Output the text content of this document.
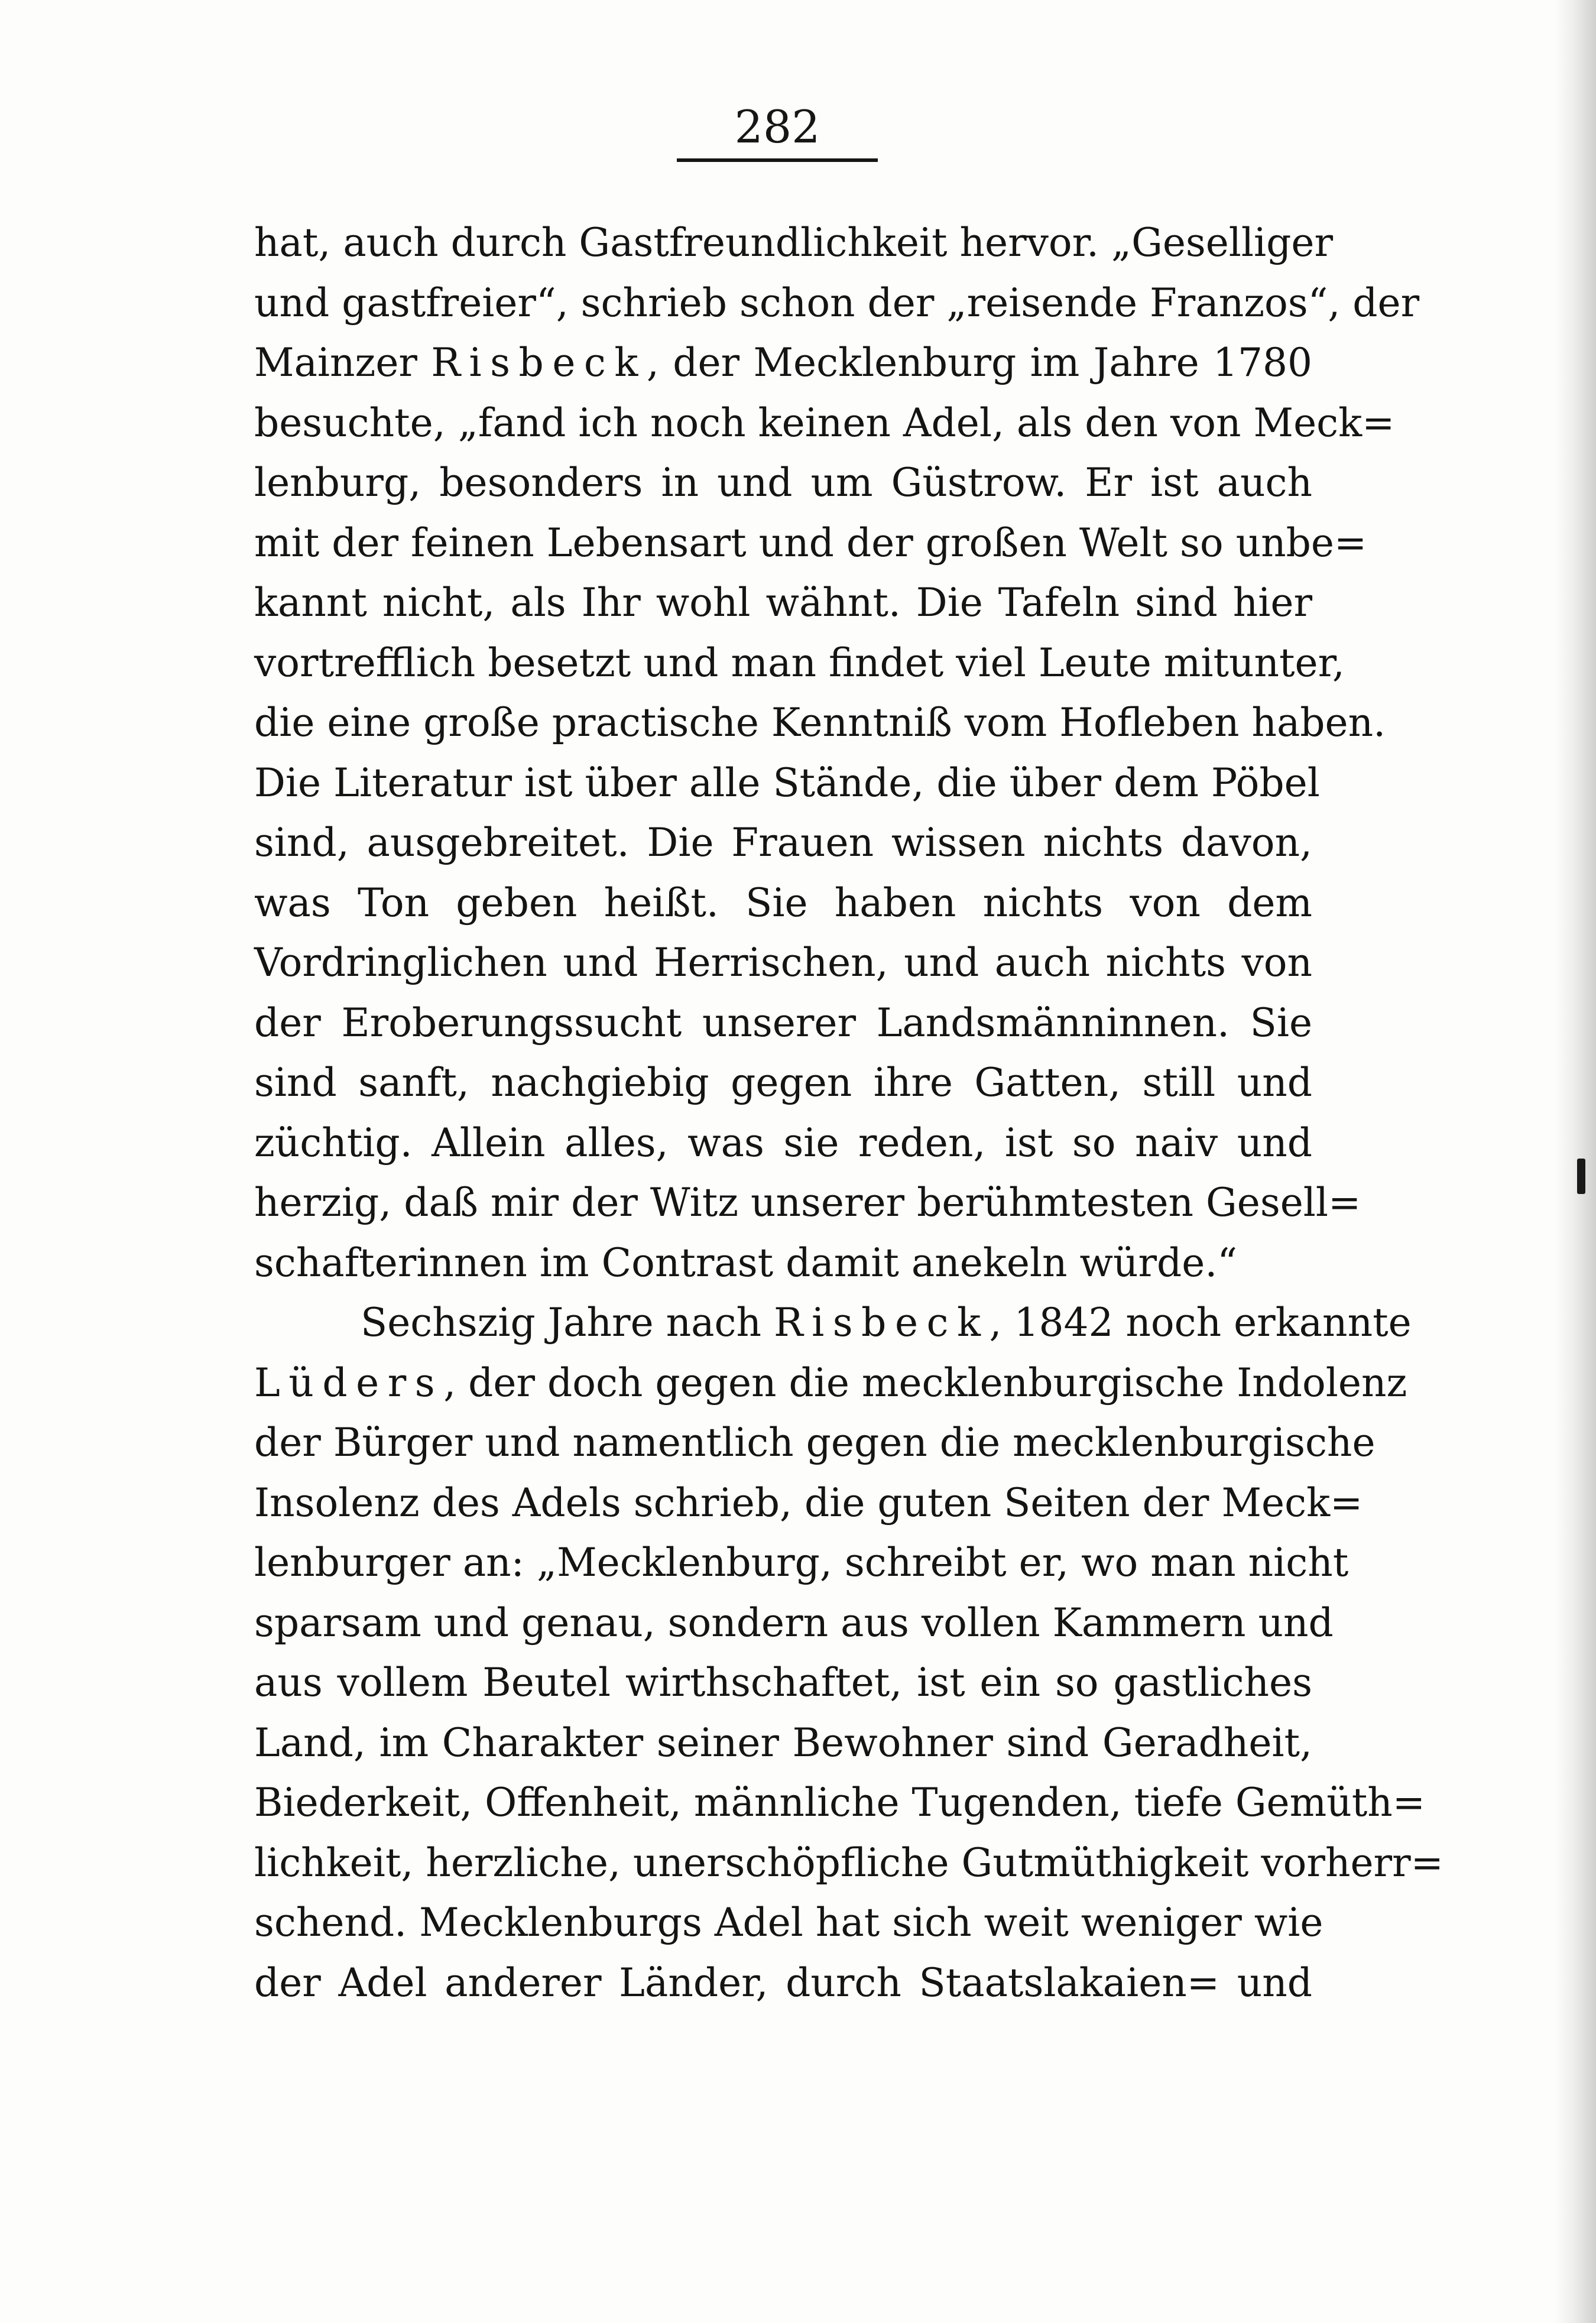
282
hat, auch durch Gastfreundlichkeit hervor. „Geselliger
und gastfreier“, schrieb schon der „reisende Franzos“, der
Mainzer Risbeck, der Mecklenburg im Jahre 1780
besuchte, „fand ich noch keinen Adel, als den von Meck=
lenburg, besonders in und um Güstrow. Er ist auch
mit der feinen Lebensart und der großen Welt so unbe=
kannt nicht, als Ihr wohl wähnt. Die Tafeln sind hier
vortrefflich besetzt und man findet viel Leute mitunter,
die eine große practische Kenntniß vom Hofleben haben.
Die Literatur ist über alle Stände, die über dem Pöbel
sind, ausgebreitet. Die Frauen wissen nichts davon,
was Ton geben heißt. Sie haben nichts von dem
Vordringlichen und Herrischen, und auch nichts von
der Eroberungssucht unserer Landsmänninnen. Sie
sind sanft, nachgiebig gegen ihre Gatten, still und
züchtig. Allein alles, was sie reden, ist so naiv und
herzig, daß mir der Witz unserer berühmtesten Gesell=
schafterinnen im Contrast damit anekeln würde.“
Sechszig Jahre nach Risbeck, 1842 noch erkannte
Lüders, der doch gegen die mecklenburgische Indolenz
der Bürger und namentlich gegen die mecklenburgische
Insolenz des Adels schrieb, die guten Seiten der Meck=
lenburger an: „Mecklenburg, schreibt er, wo man nicht
sparsam und genau, sondern aus vollen Kammern und
aus vollem Beutel wirthschaftet, ist ein so gastliches
Land, im Charakter seiner Bewohner sind Geradheit,
Biederkeit, Offenheit, männliche Tugenden, tiefe Gemüth=
lichkeit, herzliche, unerschöpfliche Gutmüthigkeit vorherr=
schend. Mecklenburgs Adel hat sich weit weniger wie
der Adel anderer Länder, durch Staatslakaien= und
